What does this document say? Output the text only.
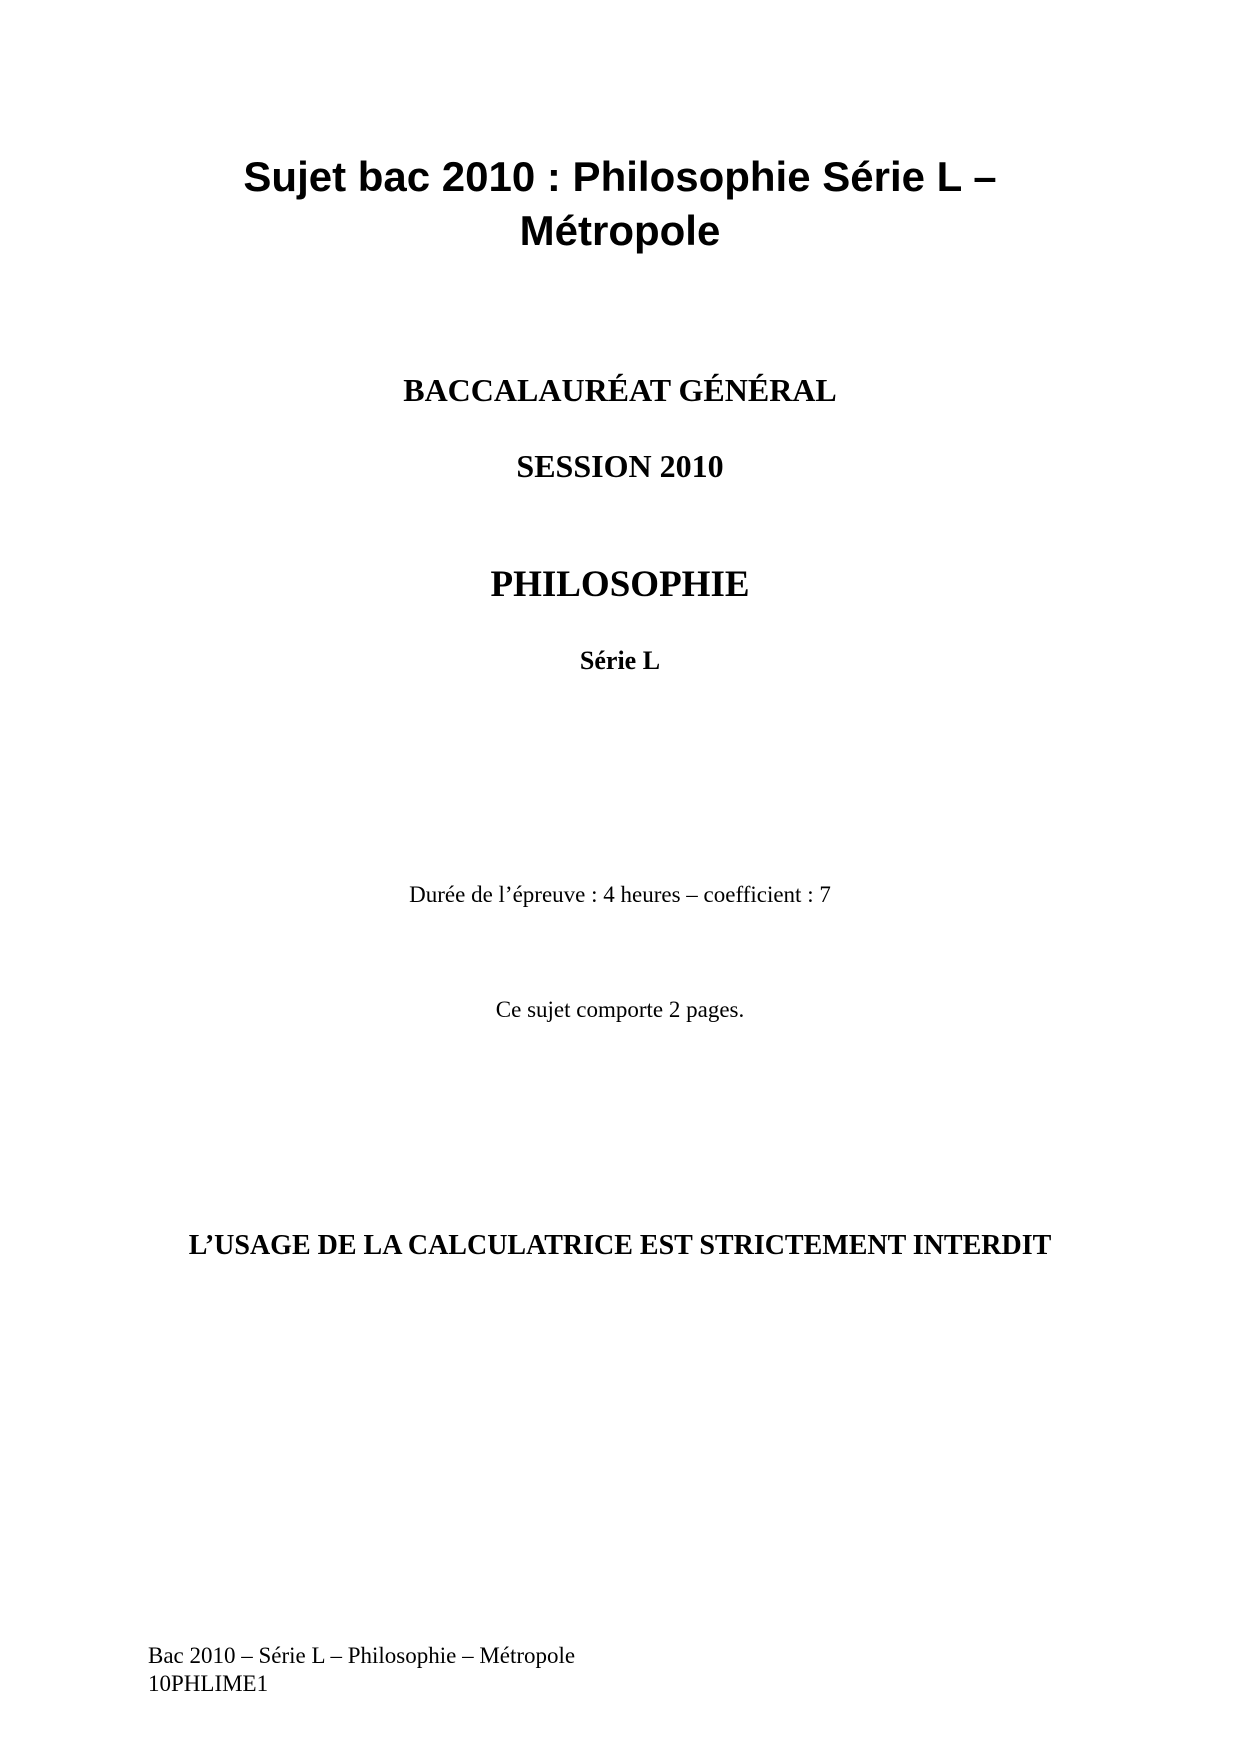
Sujet bac 2010 : Philosophie Série L –
Métropole

BACCALAURÉAT GÉNÉRAL

SESSION 2010

PHILOSOPHIE

Série L

Durée de l’épreuve : 4 heures – coefficient : 7

Ce sujet comporte 2 pages.

L’USAGE DE LA CALCULATRICE EST STRICTEMENT INTERDIT

Bac 2010 – Série L – Philosophie – Métropole
10PHLIME1
